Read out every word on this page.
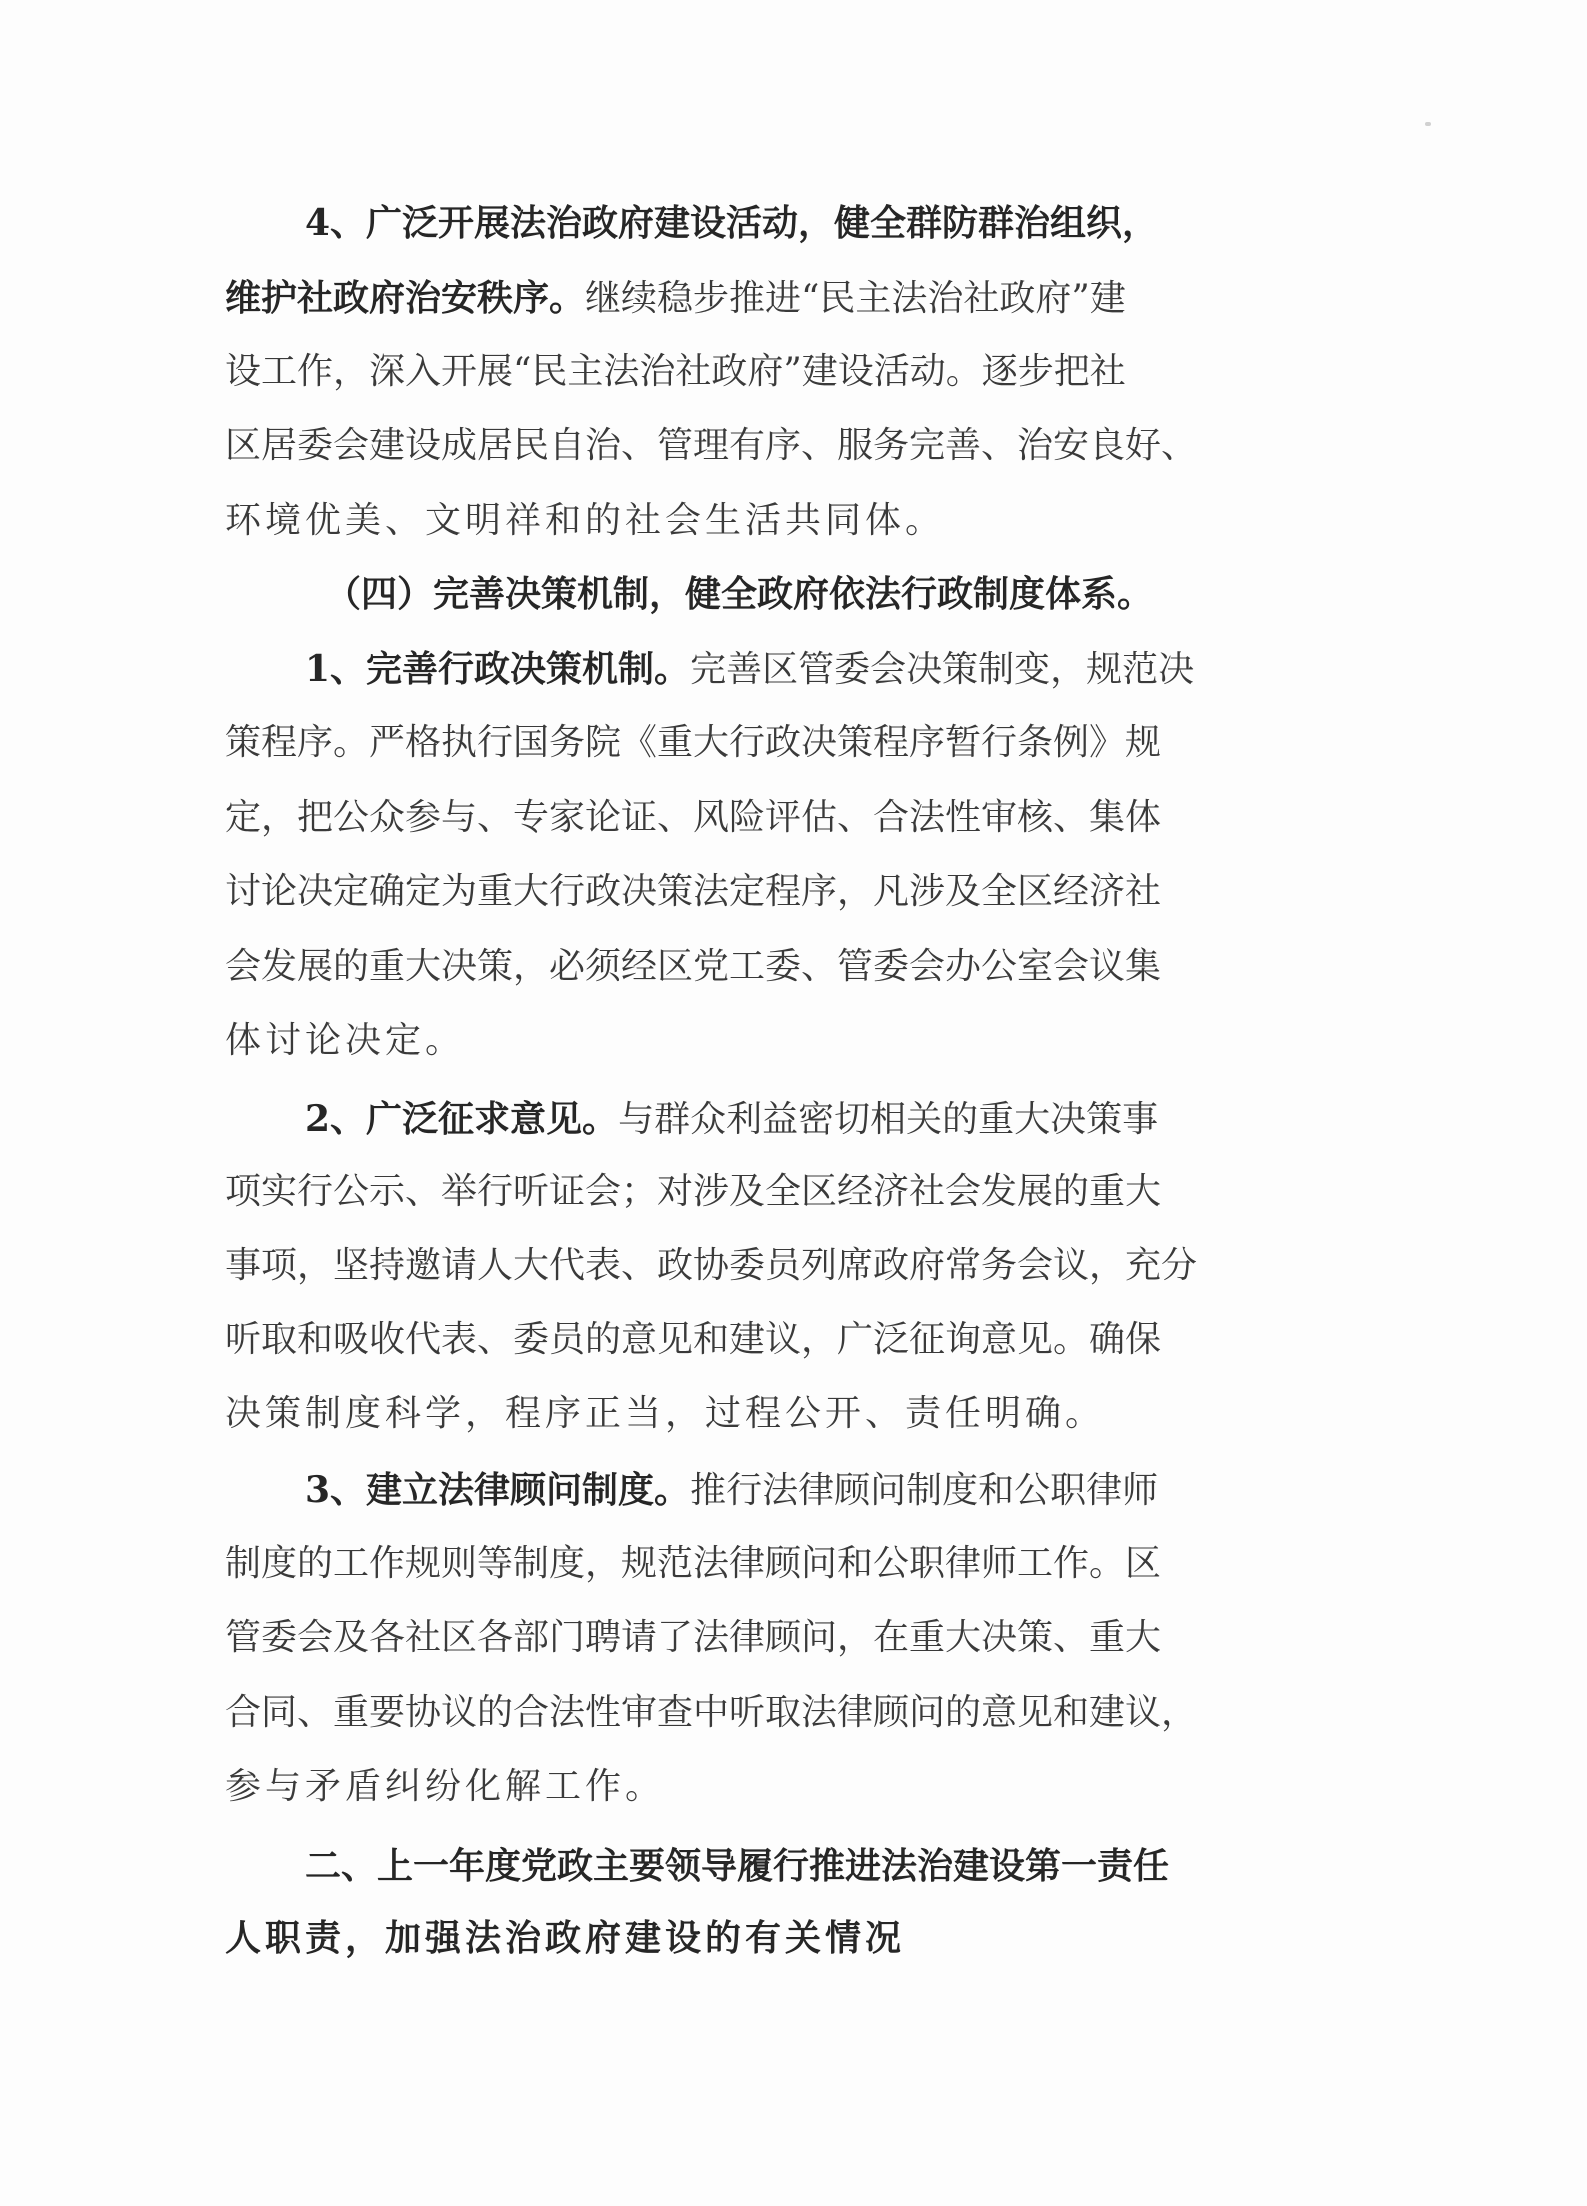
4、广泛开展法治政府建设活动，健全群防群治组织，
维护社政府治安秩序。继续稳步推进“民主法治社政府”建
设工作，深入开展“民主法治社政府”建设活动。逐步把社
区居委会建设成居民自治、管理有序、服务完善、治安良好、
环境优美、文明祥和的社会生活共同体。
（四）完善决策机制，健全政府依法行政制度体系。
1、完善行政决策机制。完善区管委会决策制变，规范决
策程序。严格执行国务院《重大行政决策程序暂行条例》规
定，把公众参与、专家论证、风险评估、合法性审核、集体
讨论决定确定为重大行政决策法定程序，凡涉及全区经济社
会发展的重大决策，必须经区党工委、管委会办公室会议集
体讨论决定。
2、广泛征求意见。与群众利益密切相关的重大决策事
项实行公示、举行听证会；对涉及全区经济社会发展的重大
事项，坚持邀请人大代表、政协委员列席政府常务会议，充分
听取和吸收代表、委员的意见和建议，广泛征询意见。确保
决策制度科学，程序正当，过程公开、责任明确。
3、建立法律顾问制度。推行法律顾问制度和公职律师
制度的工作规则等制度，规范法律顾问和公职律师工作。区
管委会及各社区各部门聘请了法律顾问，在重大决策、重大
合同、重要协议的合法性审查中听取法律顾问的意见和建议，
参与矛盾纠纷化解工作。
二、上一年度党政主要领导履行推进法治建设第一责任
人职责，加强法治政府建设的有关情况
